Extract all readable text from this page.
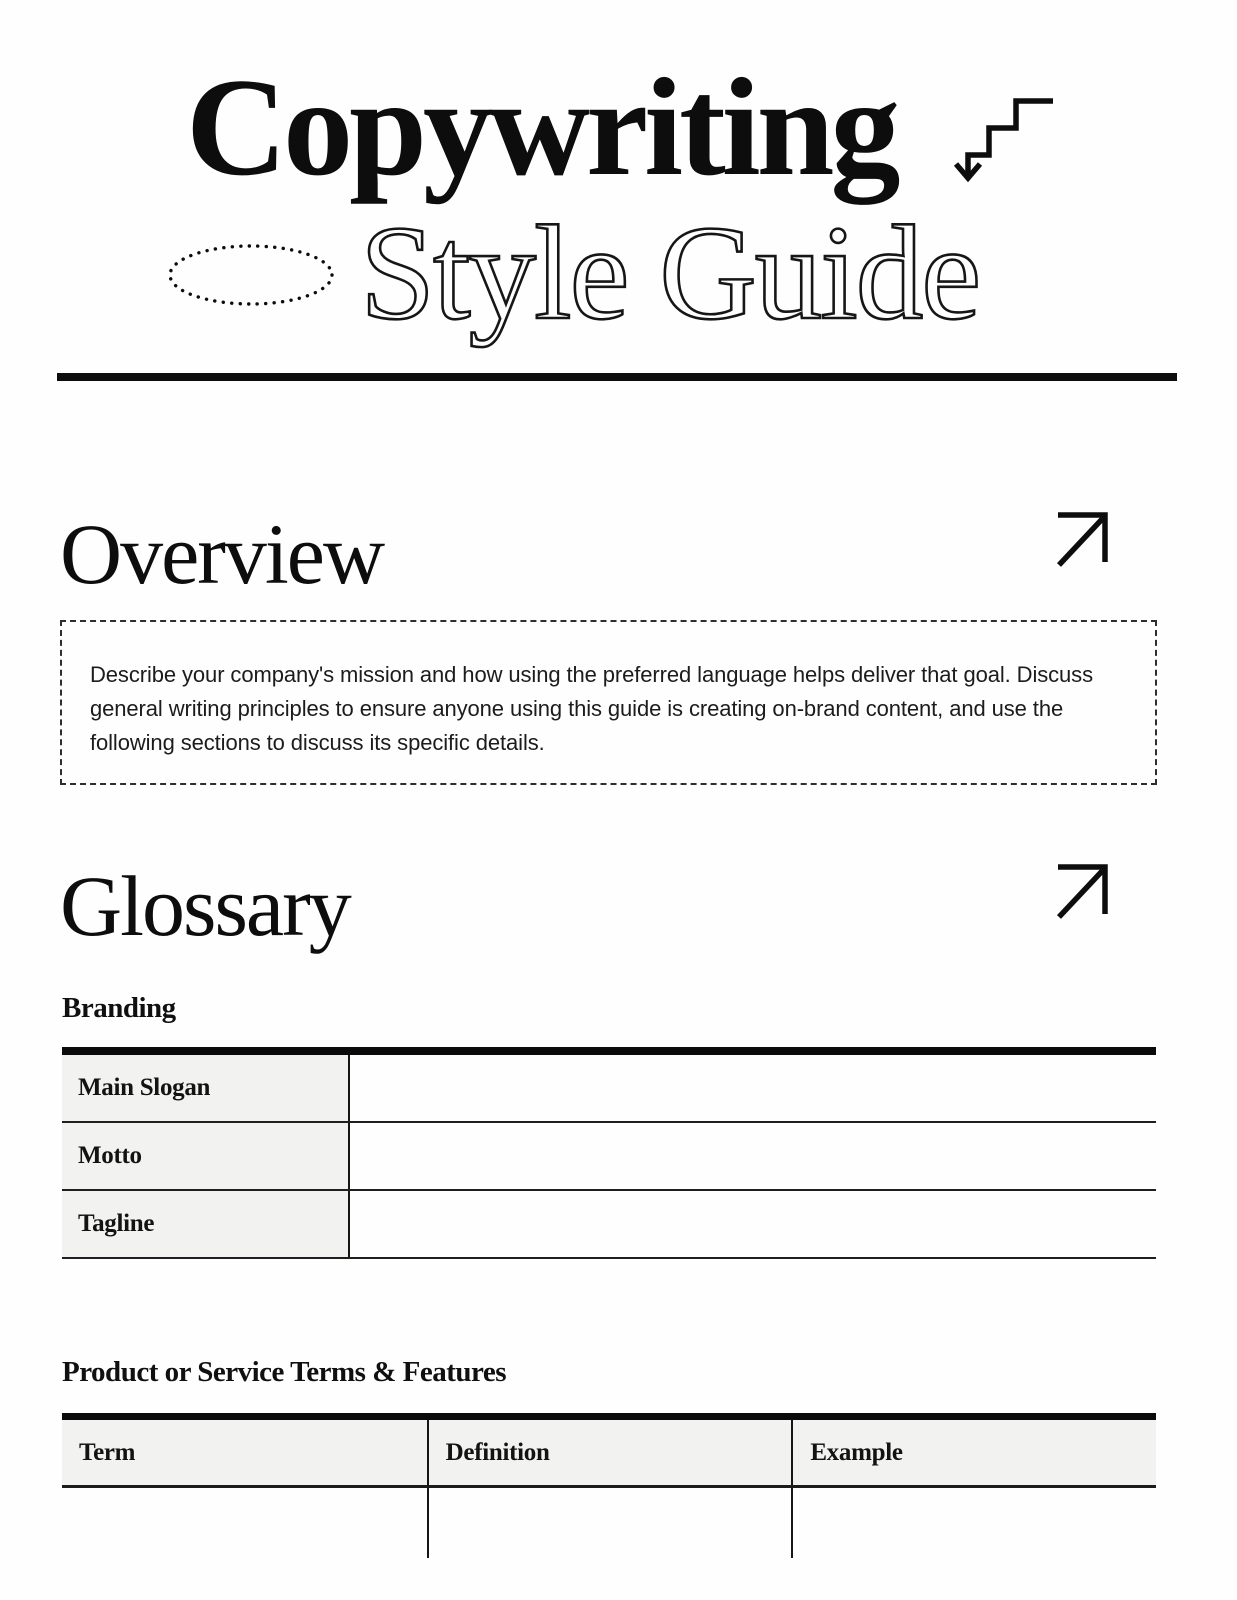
Copywriting
Style Guide
Overview

Describe your company's mission and how using the preferred language helps deliver that goal. Discuss general writing principles to ensure anyone using this guide is creating on-brand content, and use the following sections to discuss its specific details.

Glossary
Branding
Main Slogan
Motto
Tagline
Product or Service Terms & Features
Term	Definition	Example
